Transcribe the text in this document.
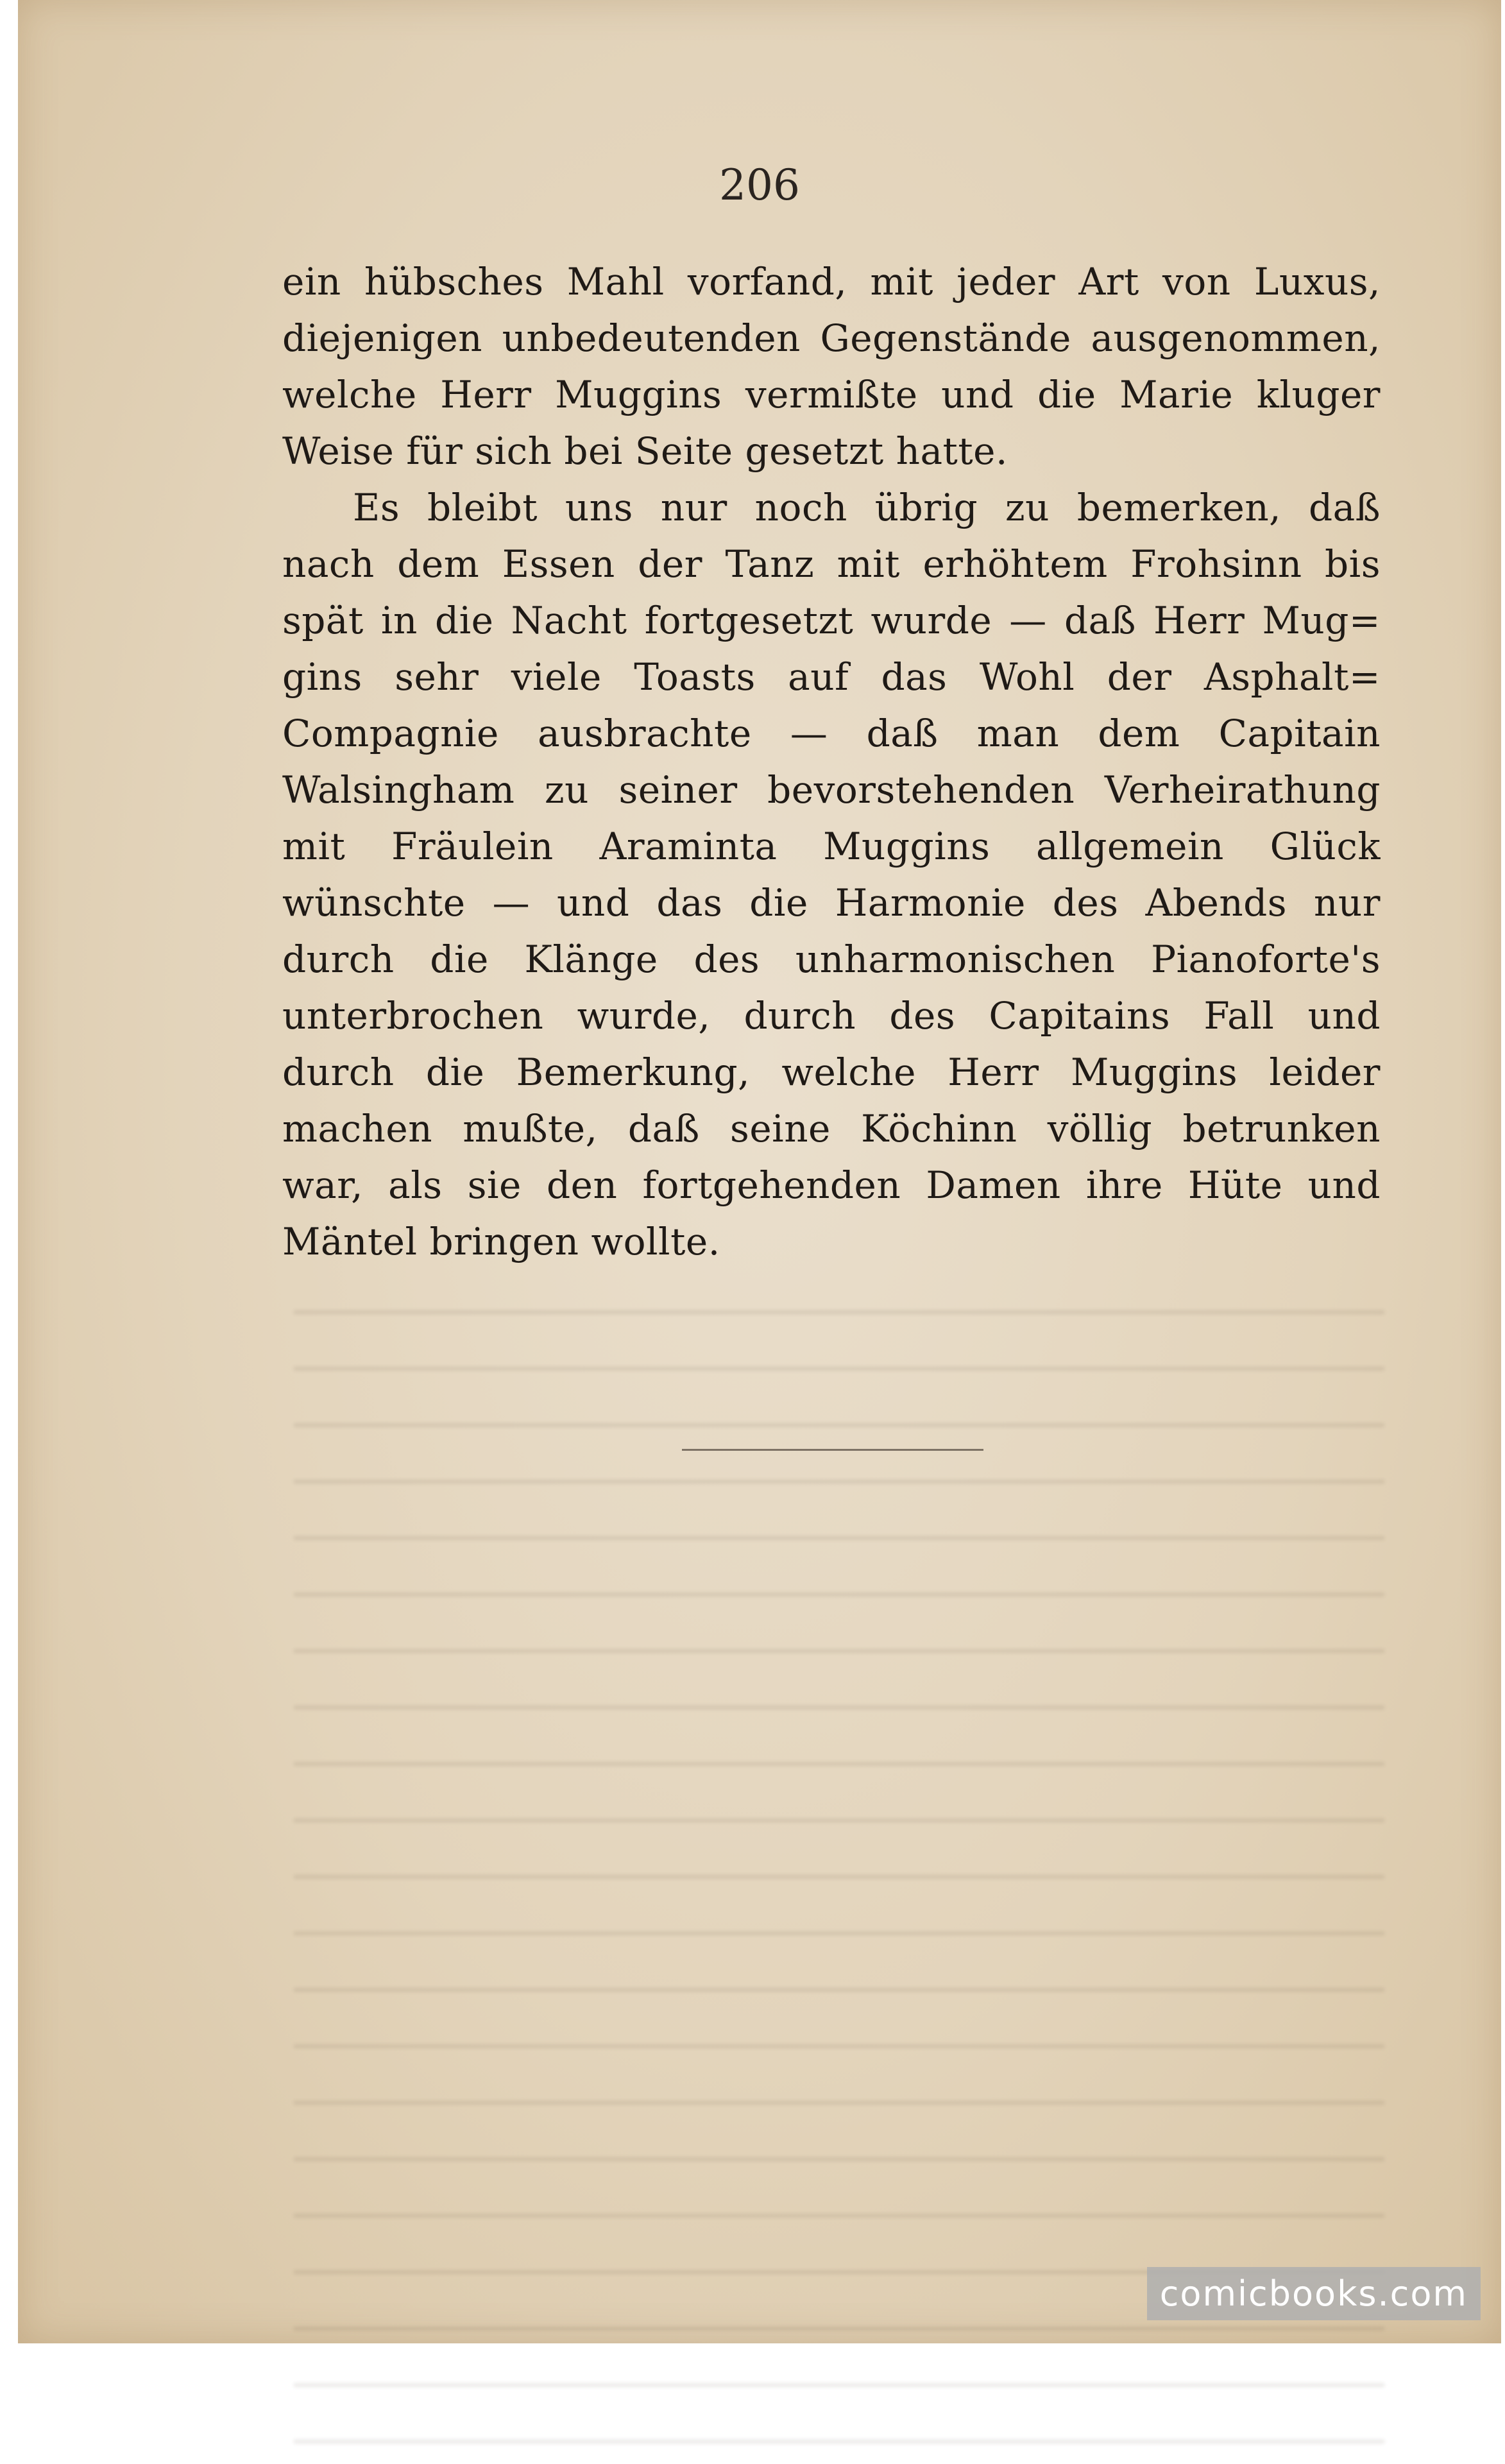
206
ein hübsches Mahl vorfand, mit jeder Art von Luxus,
diejenigen unbedeutenden Gegenstände ausgenommen,
welche Herr Muggins vermißte und die Marie kluger
Weise für sich bei Seite gesetzt hatte.
Es bleibt uns nur noch übrig zu bemerken, daß
nach dem Essen der Tanz mit erhöhtem Frohsinn bis
spät in die Nacht fortgesetzt wurde — daß Herr Mug=
gins sehr viele Toasts auf das Wohl der Asphalt=
Compagnie ausbrachte — daß man dem Capitain
Walsingham zu seiner bevorstehenden Verheirathung
mit Fräulein Araminta Muggins allgemein Glück
wünschte — und das die Harmonie des Abends nur
durch die Klänge des unharmonischen Pianoforte's
unterbrochen wurde, durch des Capitains Fall und
durch die Bemerkung, welche Herr Muggins leider
machen mußte, daß seine Köchinn völlig betrunken
war, als sie den fortgehenden Damen ihre Hüte und
Mäntel bringen wollte.
comicbooks.com
